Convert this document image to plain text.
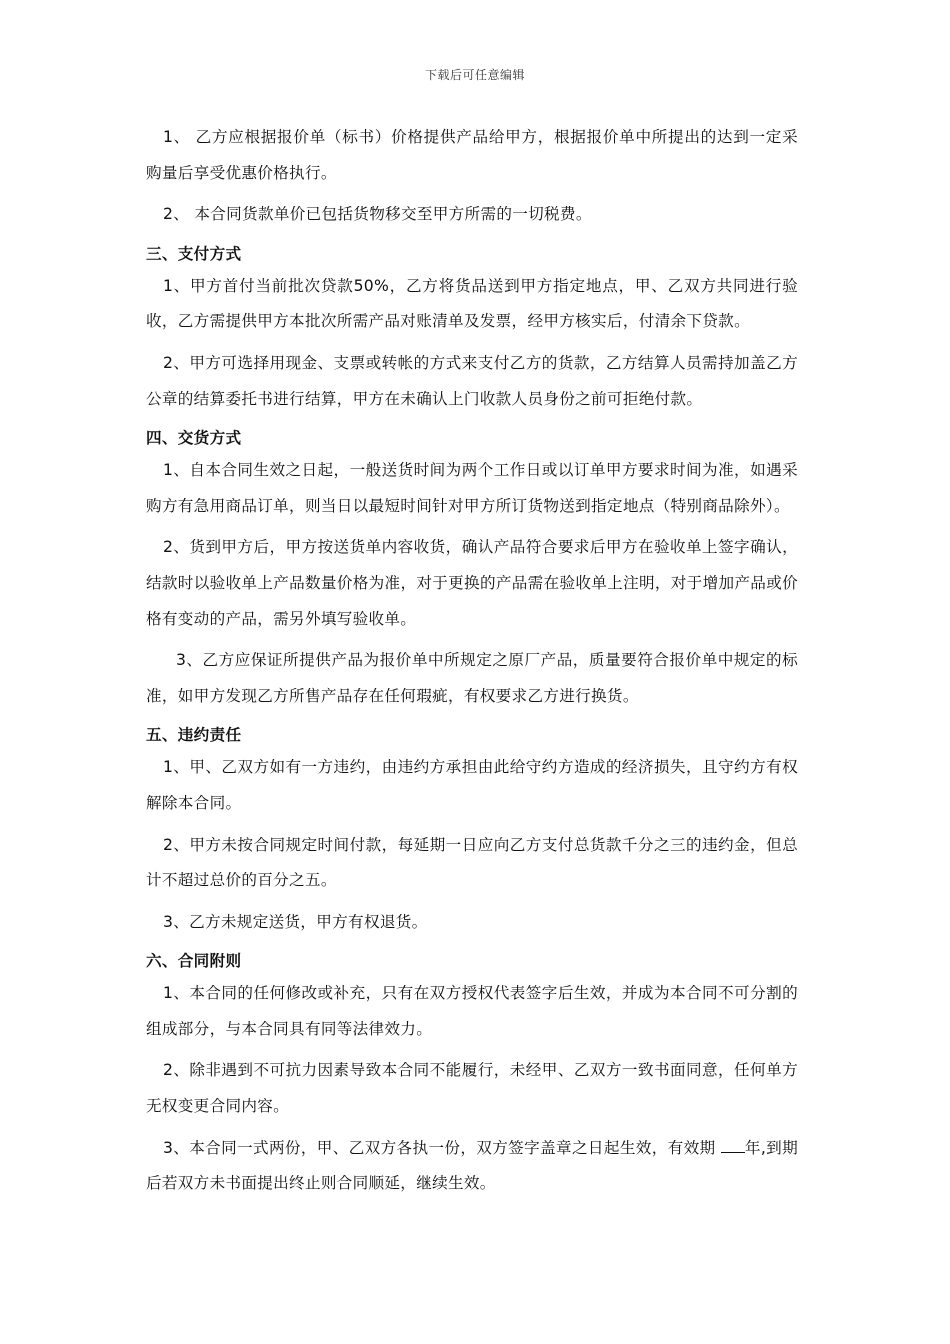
下载后可任意编辑

1、 乙方应根据报价单（标书）价格提供产品给甲方，根据报价单中所提出的达到一定采购量后享受优惠价格执行。

2、 本合同货款单价已包括货物移交至甲方所需的一切税费。

三、支付方式

1、甲方首付当前批次贷款50%，乙方将货品送到甲方指定地点，甲、乙双方共同进行验收，乙方需提供甲方本批次所需产品对账清单及发票，经甲方核实后，付清余下贷款。

2、甲方可选择用现金、支票或转帐的方式来支付乙方的货款，乙方结算人员需持加盖乙方公章的结算委托书进行结算，甲方在未确认上门收款人员身份之前可拒绝付款。

四、交货方式

1、自本合同生效之日起，一般送货时间为两个工作日或以订单甲方要求时间为准，如遇采购方有急用商品订单，则当日以最短时间针对甲方所订货物送到指定地点（特别商品除外）。

2、货到甲方后，甲方按送货单内容收货，确认产品符合要求后甲方在验收单上签字确认，结款时以验收单上产品数量价格为准，对于更换的产品需在验收单上注明，对于增加产品或价格有变动的产品，需另外填写验收单。

3、乙方应保证所提供产品为报价单中所规定之原厂产品，质量要符合报价单中规定的标准，如甲方发现乙方所售产品存在任何瑕疵，有权要求乙方进行换货。

五、违约责任

1、甲、乙双方如有一方违约，由违约方承担由此给守约方造成的经济损失，且守约方有权解除本合同。

2、甲方未按合同规定时间付款，每延期一日应向乙方支付总货款千分之三的违约金，但总计不超过总价的百分之五。

3、乙方未规定送货，甲方有权退货。

六、合同附则

1、本合同的任何修改或补充，只有在双方授权代表签字后生效，并成为本合同不可分割的组成部分，与本合同具有同等法律效力。

2、除非遇到不可抗力因素导致本合同不能履行，未经甲、乙双方一致书面同意，任何单方无权变更合同内容。

3、本合同一式两份，甲、乙双方各执一份，双方签字盖章之日起生效，有效期 年,到期后若双方未书面提出终止则合同顺延，继续生效。
